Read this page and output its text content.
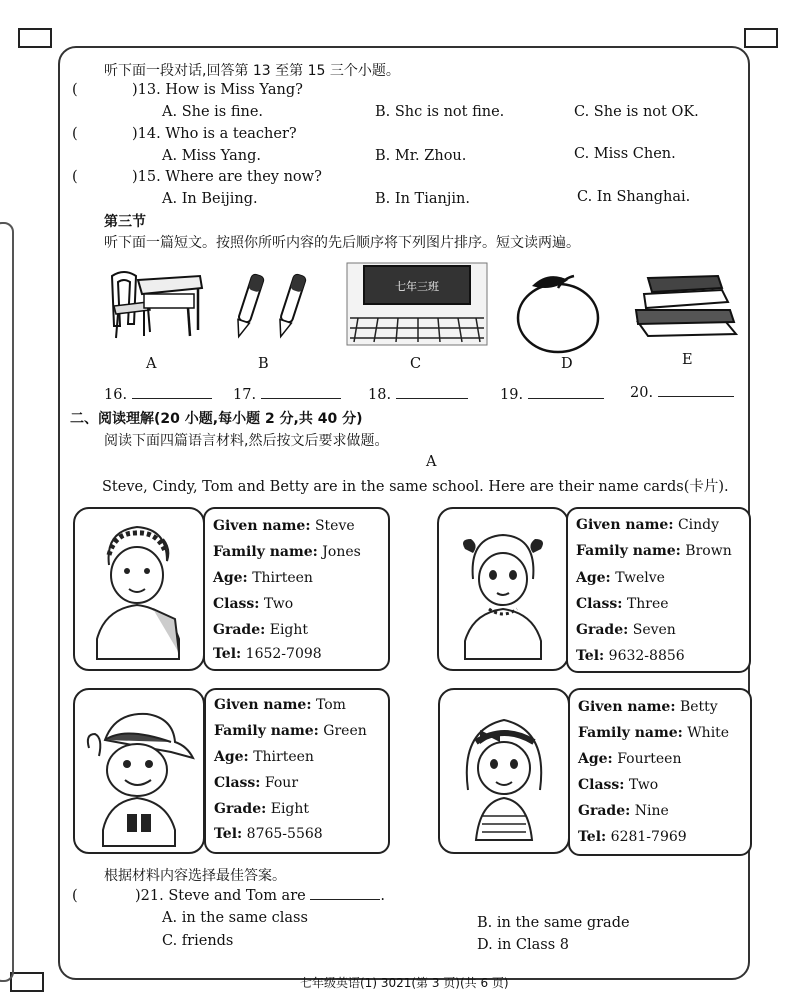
听下面一段对话,回答第 13 至第 15 三个小题。
(	)13. How is Miss Yang?
A. She is fine.	B. Shc is not fine.	C. She is not OK.
(	)14. Who is a teacher?
A. Miss Yang.	B. Mr. Zhou.	C. Miss Chen.
(	)15. Where are they now?
A. In Beijing.	B. In Tianjin.	C. In Shanghai.
第三节
听下面一篇短文。按照你所听内容的先后顺序将下列图片排序。短文读两遍。
七年三班
A	B	C	D	E
16.	17.	18.	19.	20.
二、阅读理解(20 小题,每小题 2 分,共 40 分)
阅读下面四篇语言材料,然后按文后要求做题。
A
Steve, Cindy, Tom and Betty are in the same school. Here are their name cards(卡片).
Given name: Steve
Family name: Jones
Age: Thirteen
Class: Two
Grade: Eight
Tel: 1652-7098
Given name: Cindy
Family name: Brown
Age: Twelve
Class: Three
Grade: Seven
Tel: 9632-8856
Given name: Tom
Family name: Green
Age: Thirteen
Class: Four
Grade: Eight
Tel: 8765-5568
Given name: Betty
Family name: White
Age: Fourteen
Class: Two
Grade: Nine
Tel: 6281-7969
根据材料内容选择最佳答案。
(	)21. Steve and Tom are	.
A. in the same class	B. in the same grade
C. friends	D. in Class 8
七年级英语(1) 3021(第 3 页)(共 6 页)
